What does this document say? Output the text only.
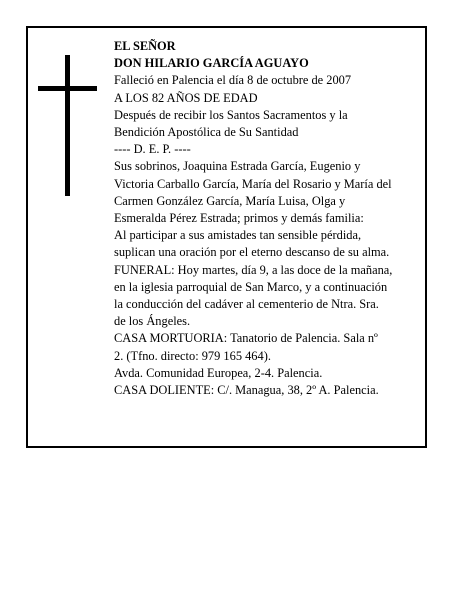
EL SEÑOR
DON HILARIO GARCÍA AGUAYO
Falleció en Palencia el día 8 de octubre de 2007
A LOS 82 AÑOS DE EDAD
Después de recibir los Santos Sacramentos y la
Bendición Apostólica de Su Santidad
---- D. E. P. ----
Sus sobrinos, Joaquina Estrada García, Eugenio y
Victoria Carballo García, María del Rosario y María del
Carmen González García, María Luisa, Olga y
Esmeralda Pérez Estrada; primos y demás familia:
Al participar a sus amistades tan sensible pérdida,
suplican una oración por el eterno descanso de su alma.
FUNERAL: Hoy martes, día 9, a las doce de la mañana,
en la iglesia parroquial de San Marco, y a continuación
la conducción del cadáver al cementerio de Ntra. Sra.
de los Ángeles.
CASA MORTUORIA: Tanatorio de Palencia. Sala nº
2. (Tfno. directo: 979 165 464).
Avda. Comunidad Europea, 2-4. Palencia.
CASA DOLIENTE: C/. Managua, 38, 2º A. Palencia.
